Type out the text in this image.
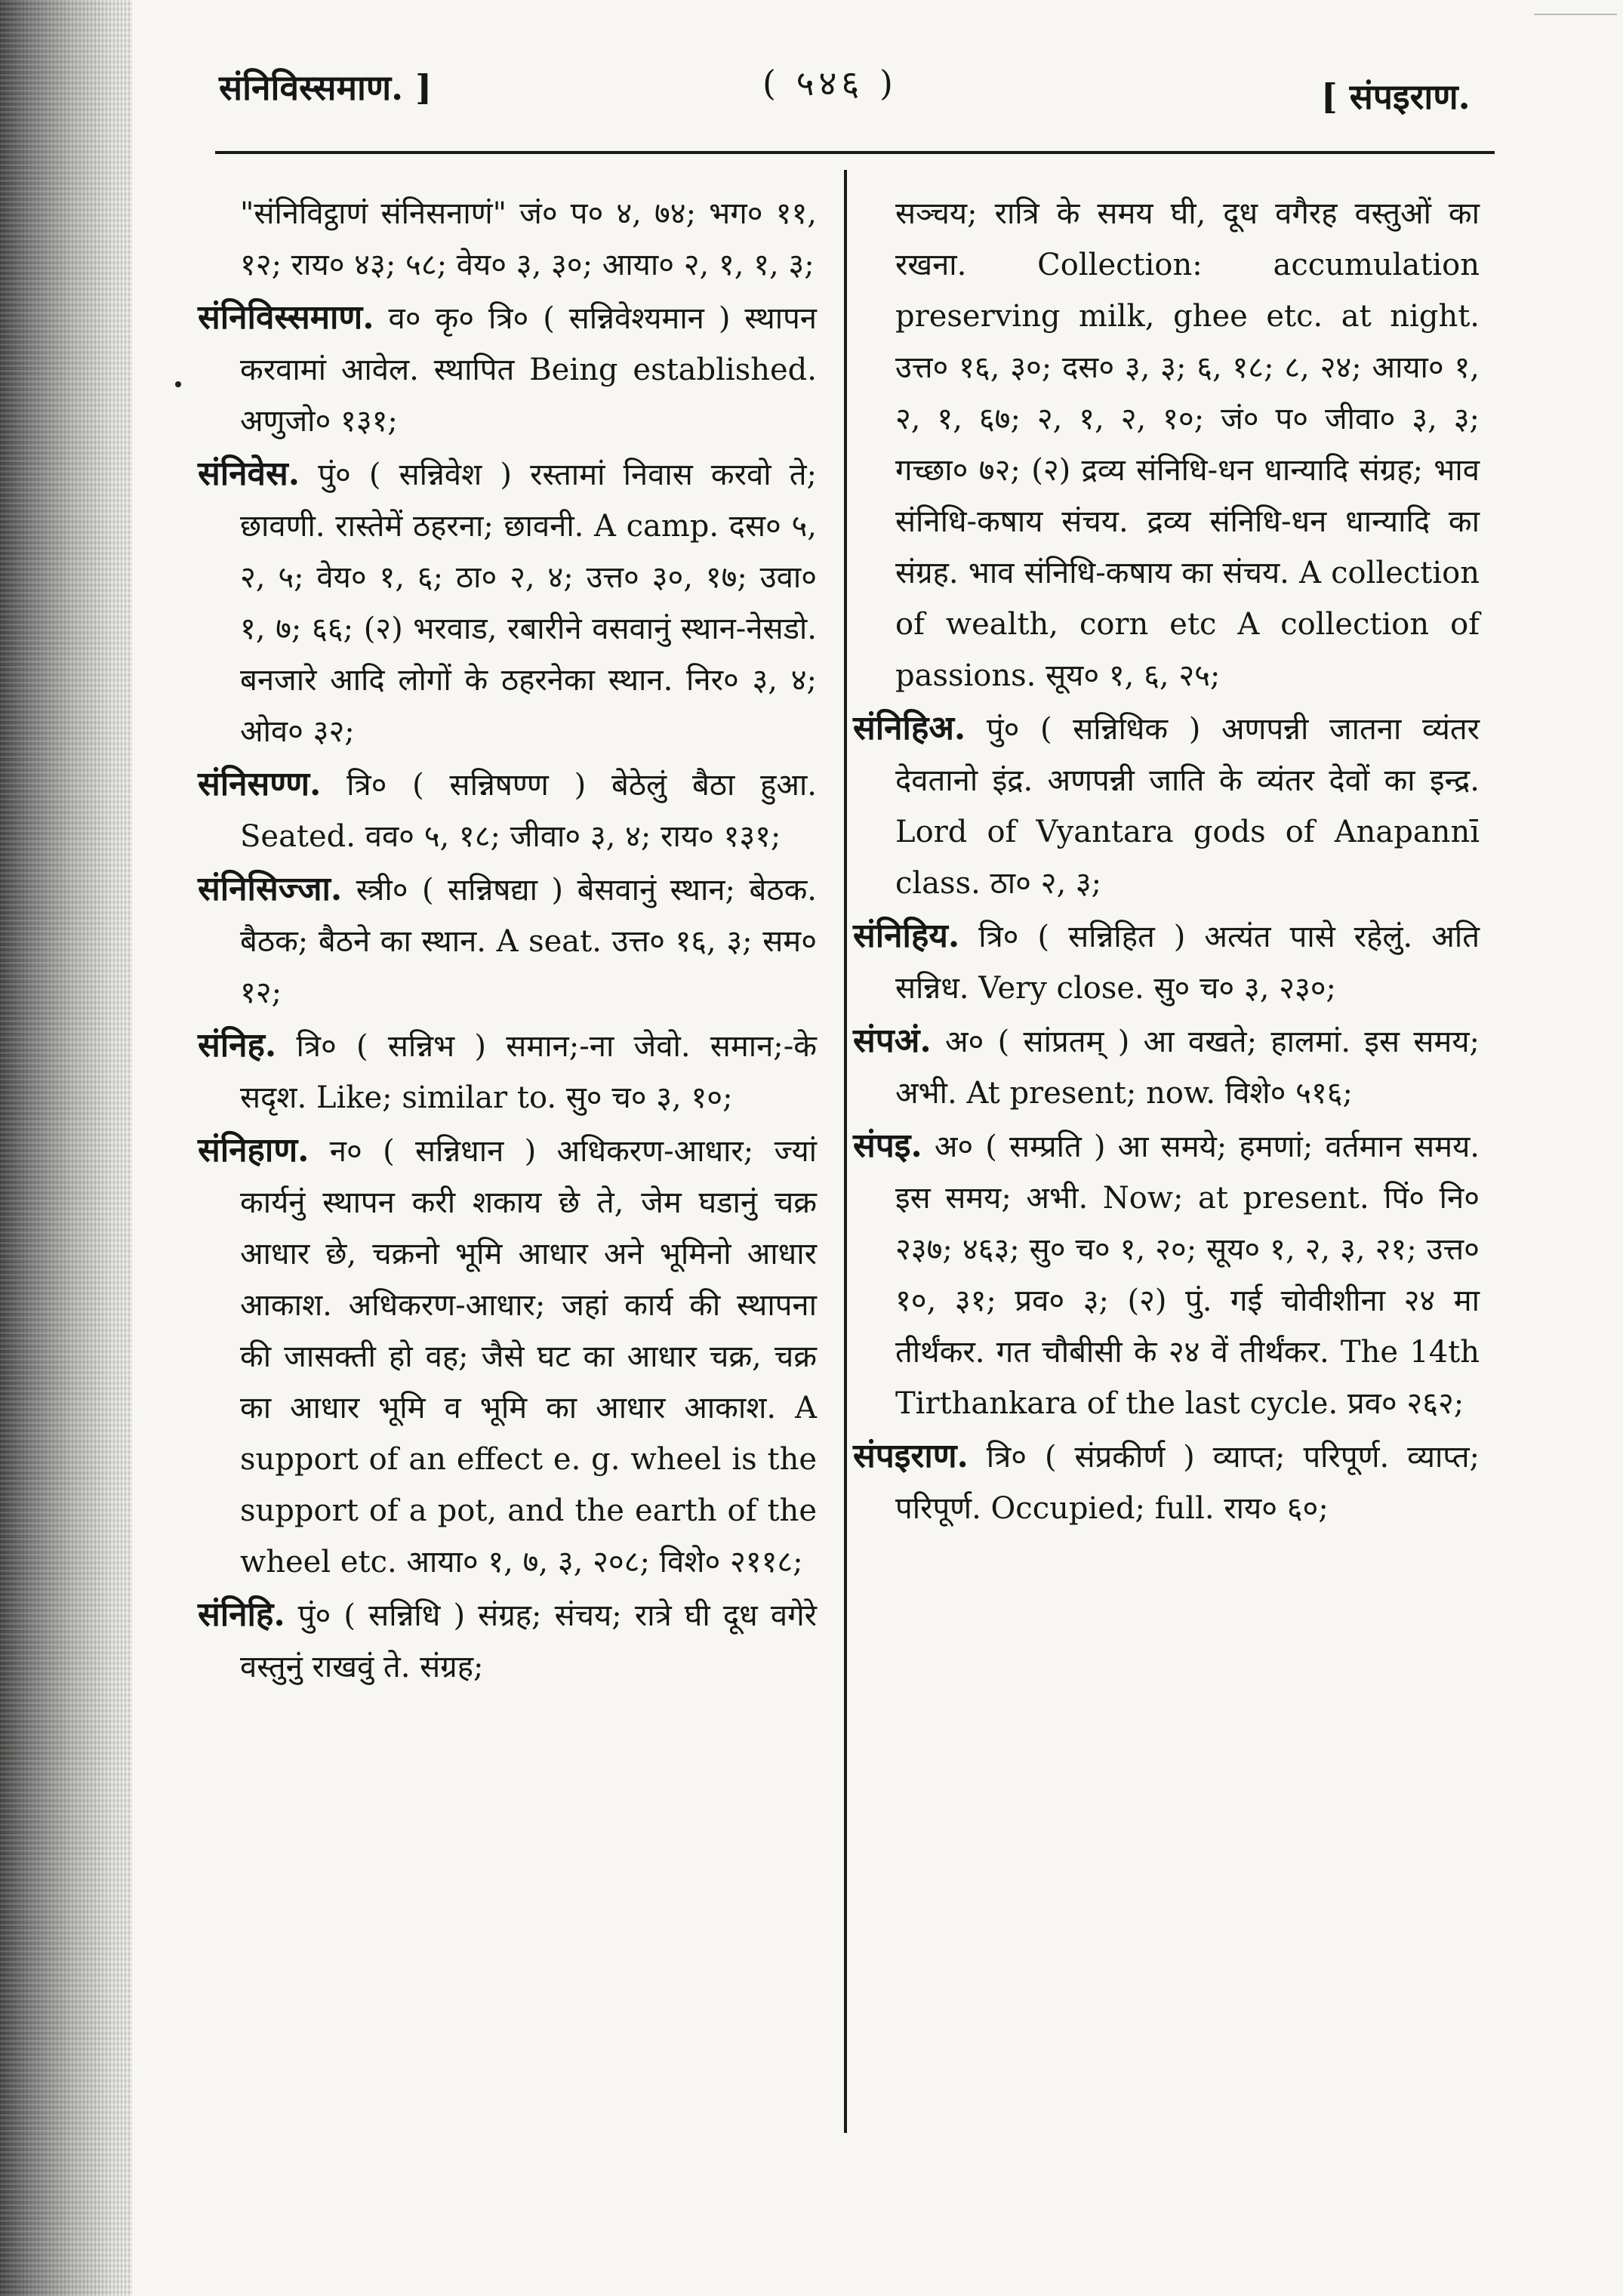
संनिविस्समाण. ]	( ५४६ )	[ संपइराण.

"संनिविट्ठाणं संनिसनाणं" जं० प० ४, ७४; भग० ११, १२; राय० ४३; ५८; वेय० ३, ३०; आया० २, १, १, ३;

संनिविस्समाण. व० कृ० त्रि० ( सन्निवेश्यमान ) स्थापन करवामां आवेल. स्थापित Being established. अणुजो० १३१;

संनिवेस. पुं० ( सन्निवेश ) रस्तामां निवास करवो ते; छावणी. रास्तेमें ठहरना; छावनी. A camp. दस० ५, २, ५; वेय० १, ६; ठा० २, ४; उत्त० ३०, १७; उवा० १, ७; ६६; (२) भरवाड, रबारीने वसवानुं स्थान-नेसडो. बनजारे आदि लोगों के ठहरनेका स्थान. निर० ३, ४; ओव० ३२;

संनिसण्ण. त्रि० ( सन्निषण्ण ) बेठेलुं बैठा हुआ. Seated. वव० ५, १८; जीवा० ३, ४; राय० १३१;

संनिसिज्जा. स्त्री० ( सन्निषद्या ) बेसवानुं स्थान; बेठक. बैठक; बैठने का स्थान. A seat. उत्त० १६, ३; सम० १२;

संनिह. त्रि० ( सन्निभ ) समान;-ना जेवो. समान;-के सदृश. Like; similar to. सु० च० ३, १०;

संनिहाण. न० ( सन्निधान ) अधिकरण-आधार; ज्यां कार्यनुं स्थापन करी शकाय छे ते, जेम घडानुं चक्र आधार छे, चक्रनो भूमि आधार अने भूमिनो आधार आकाश. अधिकरण-आधार; जहां कार्य की स्थापना की जासक्ती हो वह; जैसे घट का आधार चक्र, चक्र का आधार भूमि व भूमि का आधार आकाश. A support of an effect e. g. wheel is the support of a pot, and the earth of the wheel etc. आया० १, ७, ३, २०८; विशे० २११८;

संनिहि. पुं० ( सन्निधि ) संग्रह; संचय; रात्रे घी दूध वगेरे वस्तुनुं राखवुं ते. संग्रह;

सञ्चय; रात्रि के समय घी, दूध वगैरह वस्तुओं का रखना. Collection: accumulation preserving milk, ghee etc. at night. उत्त० १६, ३०; दस० ३, ३; ६, १८; ८, २४; आया० १, २, १, ६७; २, १, २, १०; जं० प० जीवा० ३, ३; गच्छा० ७२; (२) द्रव्य संनिधि-धन धान्यादि संग्रह; भाव संनिधि-कषाय संचय. द्रव्य संनिधि-धन धान्यादि का संग्रह. भाव संनिधि-कषाय का संचय. A collection of wealth, corn etc A collection of passions. सूय० १, ६, २५;

संनिहिअ. पुं० ( सन्निधिक ) अणपन्नी जातना व्यंतर देवतानो इंद्र. अणपन्नी जाति के व्यंतर देवों का इन्द्र. Lord of Vyantara gods of Anapannī class. ठा० २, ३;

संनिहिय. त्रि० ( सन्निहित ) अत्यंत पासे रहेलुं. अति सन्निध. Very close. सु० च० ३, २३०;

संपअं. अ० ( सांप्रतम् ) आ वखते; हालमां. इस समय; अभी. At present; now. विशे० ५१६;

संपइ. अ० ( सम्प्रति ) आ समये; हमणां; वर्तमान समय. इस समय; अभी. Now; at present. पिं० नि० २३७; ४६३; सु० च० १, २०; सूय० १, २, ३, २१; उत्त० १०, ३१; प्रव० ३; (२) पुं. गई चोवीशीना २४ मा तीर्थंकर. गत चौबीसी के २४ वें तीर्थंकर. The 14th Tirthankara of the last cycle. प्रव० २६२;

संपइराण. त्रि० ( संप्रकीर्ण ) व्याप्त; परिपूर्ण. व्याप्त; परिपूर्ण. Occupied; full. राय० ६०;
